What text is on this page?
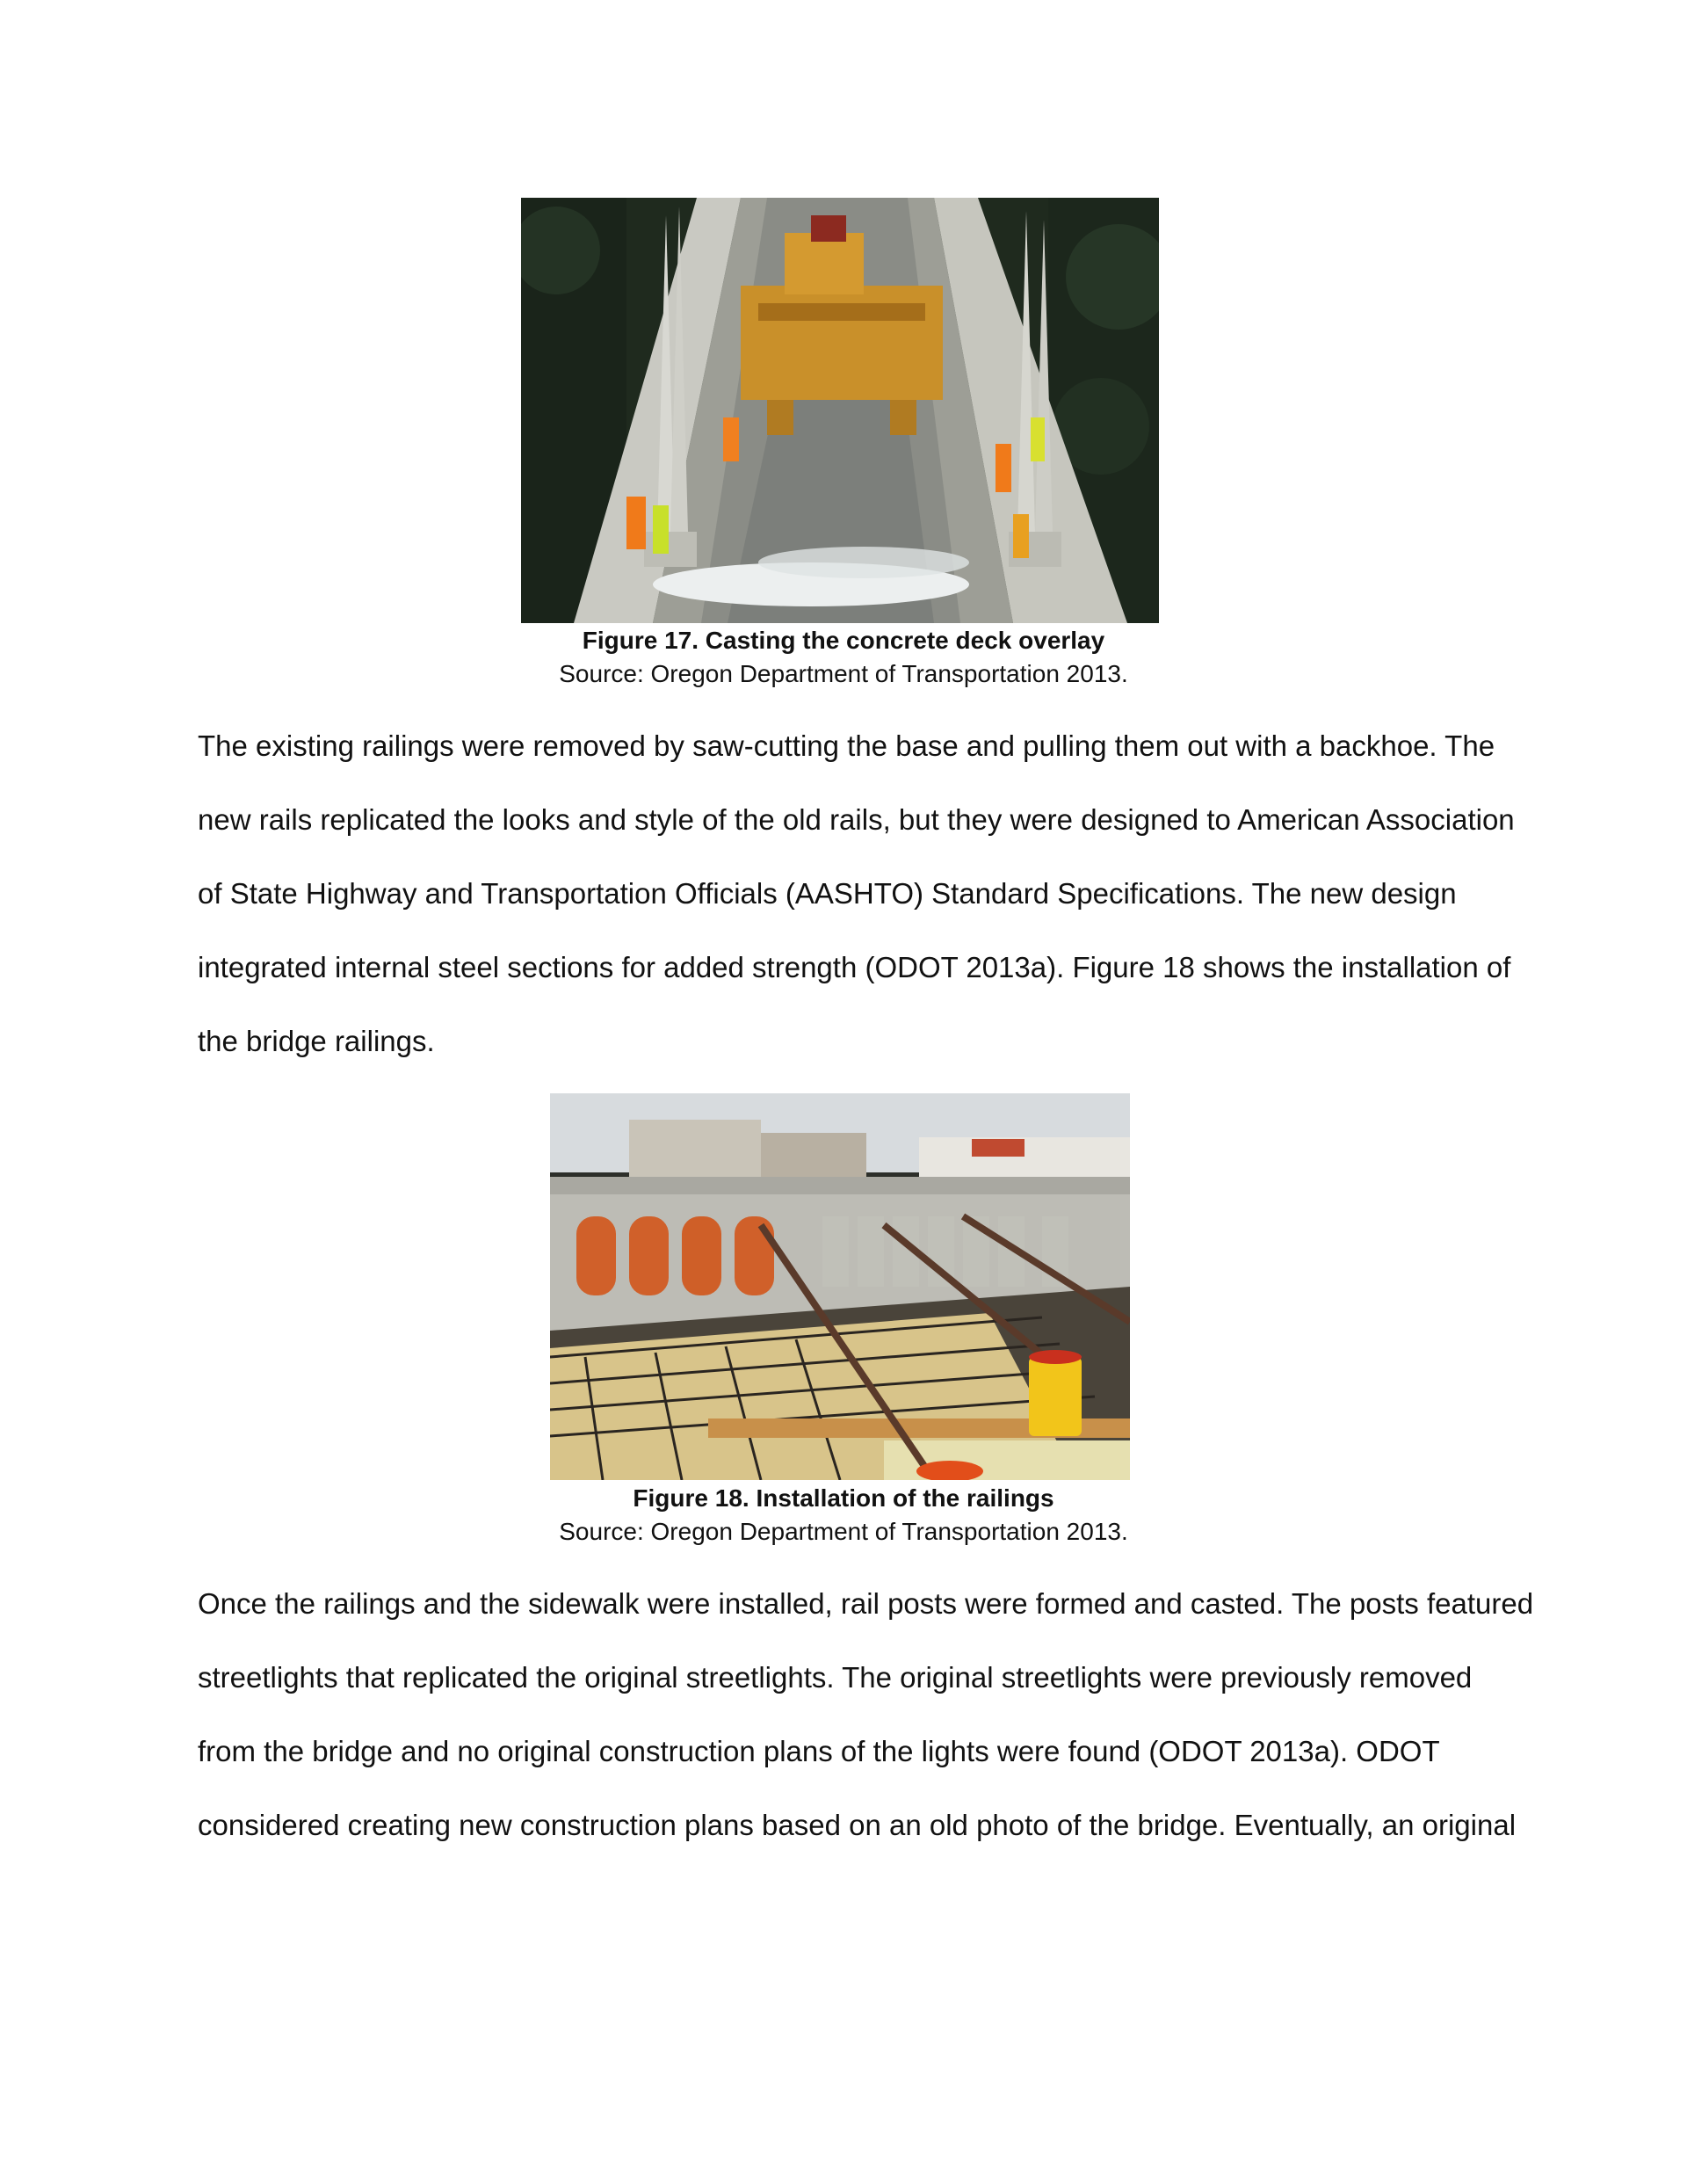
Figure 17. Casting the concrete deck overlay
Source: Oregon Department of Transportation 2013.
The existing railings were removed by saw-cutting the base and pulling them out with a backhoe. The
new rails replicated the looks and style of the old rails, but they were designed to American Association
of State Highway and Transportation Officials (AASHTO) Standard Specifications. The new design
integrated internal steel sections for added strength (ODOT 2013a). Figure 18 shows the installation of
the bridge railings.
Figure 18. Installation of the railings
Source: Oregon Department of Transportation 2013.
Once the railings and the sidewalk were installed, rail posts were formed and casted. The posts featured
streetlights that replicated the original streetlights. The original streetlights were previously removed
from the bridge and no original construction plans of the lights were found (ODOT 2013a). ODOT
considered creating new construction plans based on an old photo of the bridge. Eventually, an original
